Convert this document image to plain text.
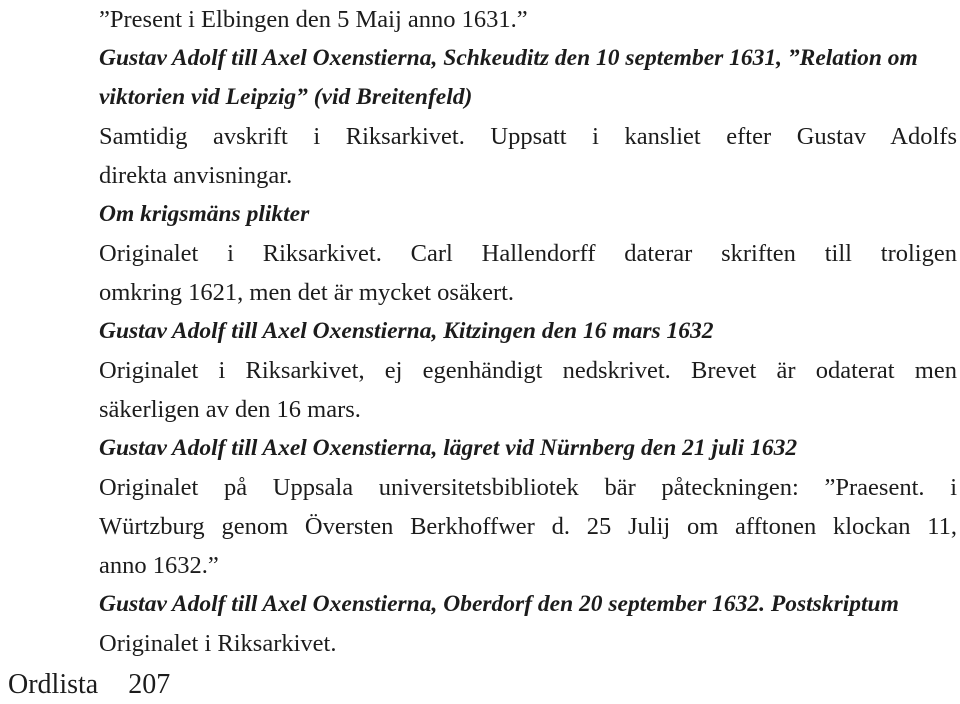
”Present i Elbingen den 5 Maij anno 1631.”
Gustav Adolf till Axel Oxenstierna, Schkeuditz den 10 september 1631, ”Relation om
viktorien vid Leipzig” (vid Breitenfeld)
Samtidig avskrift i Riksarkivet. Uppsatt i kansliet efter Gustav Adolfs
direkta anvisningar.
Om krigsmäns plikter
Originalet i Riksarkivet. Carl Hallendorff daterar skriften till troligen
omkring 1621, men det är mycket osäkert.
Gustav Adolf till Axel Oxenstierna, Kitzingen den 16 mars 1632
Originalet i Riksarkivet, ej egenhändigt nedskrivet. Brevet är odaterat men
säkerligen av den 16 mars.
Gustav Adolf till Axel Oxenstierna, lägret vid Nürnberg den 21 juli 1632
Originalet på Uppsala universitetsbibliotek bär påteckningen: ”Praesent. i
Würtzburg genom Översten Berkhoffwer d. 25 Julij om afftonen klockan 11,
anno 1632.”
Gustav Adolf till Axel Oxenstierna, Oberdorf den 20 september 1632. Postskriptum
Originalet i Riksarkivet.
Ordlista 207
